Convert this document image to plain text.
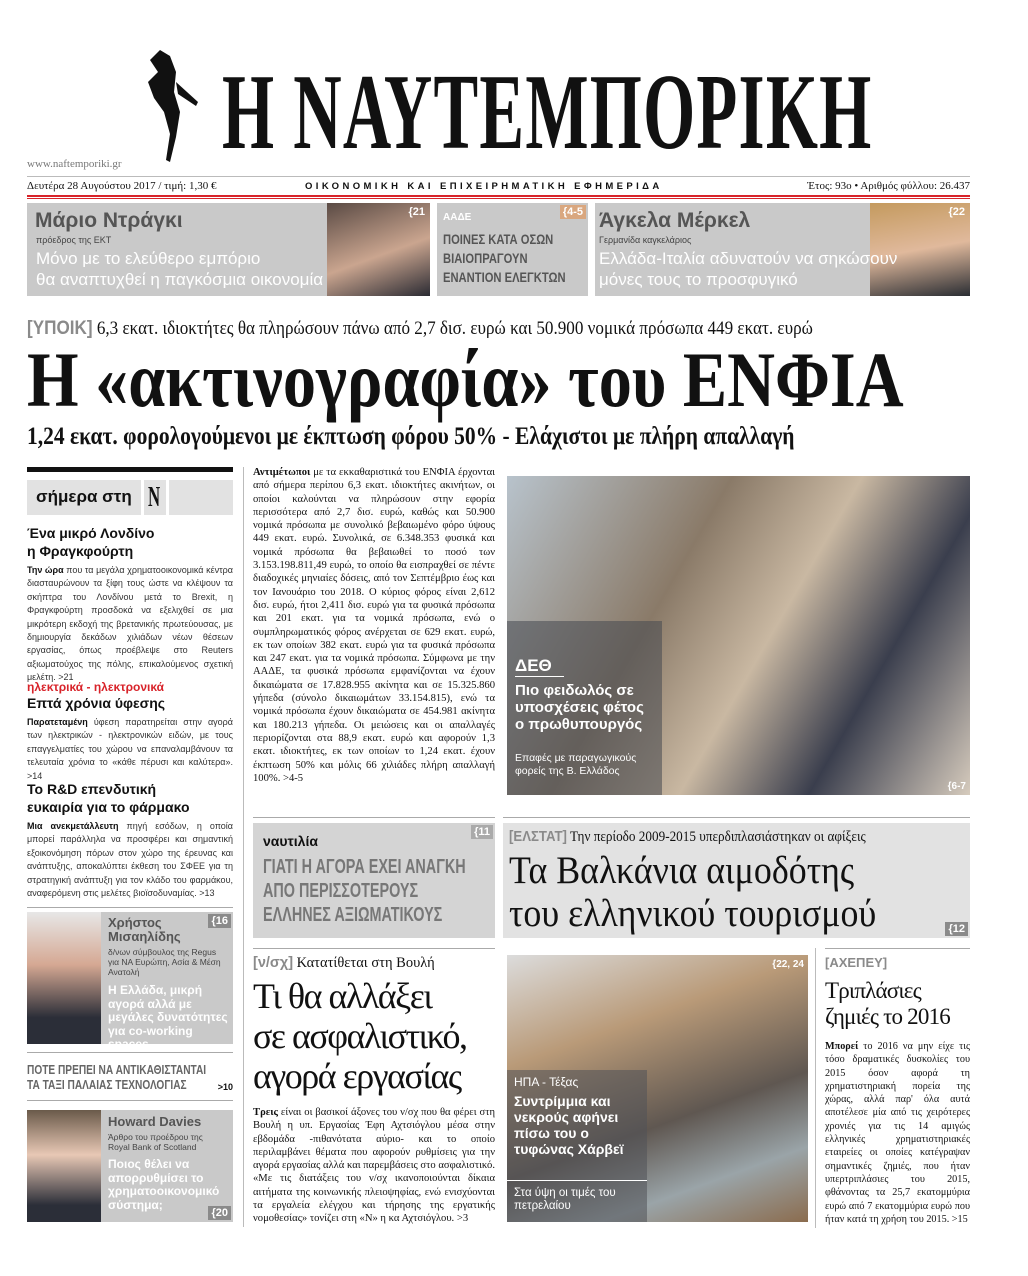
Η ΝΑΥΤΕΜΠΟΡΙΚΗ
www.naftemporiki.gr
Δευτέρα 28 Αυγούστου 2017 / τιμή: 1,30 €	ΟΙΚΟΝΟΜΙΚΗ ΚΑΙ ΕΠΙΧΕΙΡΗΜΑΤΙΚΗ ΕΦΗΜΕΡΙΔΑ	Έτος: 93ο • Αριθμός φύλλου: 26.437
{21
Μάριο Ντράγκι
πρόεδρος της ΕΚΤ
Μόνο με το ελεύθερο εμπόριο
θα αναπτυχθεί η παγκόσμια οικονομία
{4-5
ΑΑΔΕ
ΠΟΙΝΕΣ ΚΑΤΑ ΟΣΩΝ
ΒΙΑΙΟΠΡΑΓΟΥΝ
ΕΝΑΝΤΙΟΝ ΕΛΕΓΚΤΩΝ
{22
Άγκελα Μέρκελ
Γερμανίδα καγκελάριος
Ελλάδα-Ιταλία αδυνατούν να σηκώσουν
μόνες τους το προσφυγικό
[ΥΠΟΙΚ] 6,3 εκατ. ιδιοκτήτες θα πληρώσουν πάνω από 2,7 δισ. ευρώ και 50.900 νομικά πρόσωπα 449 εκατ. ευρώ
Η «ακτινογραφία» του ΕΝΦΙΑ
1,24 εκατ. φορολογούμενοι με έκπτωση φόρου 50% - Ελάχιστοι με πλήρη απαλλαγή
σήμερα στη N
Ένα μικρό Λονδίνο η Φραγκφούρτη

Την ώρα που τα μεγάλα χρηματοοικονομικά κέντρα διασταυρώνουν τα ξίφη τους ώστε να κλέψουν τα σκήπτρα του Λονδίνου μετά το Brexit, η Φραγκφούρτη προσδοκά να εξελιχθεί σε μια μικρότερη εκδοχή της βρετανικής πρωτεύουσας, με δημιουργία δεκάδων χιλιάδων νέων θέσεων εργασίας, όπως προέβλεψε στο Reuters αξιωματούχος της πόλης, επικαλούμενος σχετική μελέτη. >21

ηλεκτρικά - ηλεκτρονικά
Επτά χρόνια ύφεσης

Παρατεταμένη ύφεση παρατηρείται στην αγορά των ηλεκτρικών - ηλεκτρονικών ειδών, με τους επαγγελματίες του χώρου να επαναλαμβάνουν τα τελευταία χρόνια το «κάθε πέρυσι και καλύτερα». >14

Το R&D επενδυτική ευκαιρία για το φάρμακο

Μια ανεκμετάλλευτη πηγή εσόδων, η οποία μπορεί παράλληλα να προσφέρει και σημαντική εξοικονόμηση πόρων στον χώρο της έρευνας και ανάπτυξης, αποκαλύπτει έκθεση του ΣΦΕΕ για τη στρατηγική ανάπτυξη για τον κλάδο του φαρμάκου, αναφερόμενη στις μελέτες βιοϊσοδυναμίας. >13

{16
Χρήστος
Μισαηλίδης
δ/νων σύμβουλος της Regus για ΝΑ Ευρώπη, Ασία & Μέση Ανατολή
Η Ελλάδα, μικρή αγορά αλλά με μεγάλες δυνατότητες για co-working spaces
ΠΟΤΕ ΠΡΕΠΕΙ ΝΑ ΑΝΤΙΚΑΘΙΣΤΑΝΤΑΙ
ΤΑ ΤΑΞΙ ΠΑΛΑΙΑΣ ΤΕΧΝΟΛΟΓΙΑΣ	>10
{20
Howard Davies
Άρθρο του προέδρου της Royal Bank of Scotland
Ποιος θέλει να απορρυθμίσει το χρηματοοικονομικό σύστημα;
Αντιμέτωποι με τα εκκαθαριστικά του ΕΝΦΙΑ έρχονται από σήμερα περίπου 6,3 εκατ. ιδιοκτήτες ακινήτων, οι οποίοι καλούνται να πληρώσουν στην εφορία περισσότερα από 2,7 δισ. ευρώ, καθώς και 50.900 νομικά πρόσωπα με συνολικό βεβαιωμένο φόρο ύψους 449 εκατ. ευρώ. Συνολικά, σε 6.348.353 φυσικά και νομικά πρόσωπα θα βεβαιωθεί το ποσό των 3.153.198.811,49 ευρώ, το οποίο θα εισπραχθεί σε πέντε διαδοχικές μηνιαίες δόσεις, από τον Σεπτέμβριο έως και τον Ιανουάριο του 2018. Ο κύριος φόρος είναι 2,612 δισ. ευρώ, ήτοι 2,411 δισ. ευρώ για τα φυσικά πρόσωπα και 201 εκατ. για τα νομικά πρόσωπα, ενώ ο συμπληρωματικός φόρος ανέρχεται σε 629 εκατ. ευρώ, εκ των οποίων 382 εκατ. ευρώ για τα φυσικά πρόσωπα και 247 εκατ. για τα νομικά πρόσωπα. Σύμφωνα με την ΑΑΔΕ, τα φυσικά πρόσωπα εμφανίζονται να έχουν δικαιώματα σε 17.828.955 ακίνητα και σε 15.325.860 γήπεδα (σύνολο δικαιωμάτων 33.154.815), ενώ τα νομικά πρόσωπα έχουν δικαιώματα σε 454.981 ακίνητα και 180.213 γήπεδα. Οι μειώσεις και οι απαλλαγές περιορίζονται στα 88,9 εκατ. ευρώ και αφορούν 1,3 εκατ. ιδιοκτήτες, εκ των οποίων το 1,24 εκατ. έχουν έκπτωση 50% και μόλις 66 χιλιάδες πλήρη απαλλαγή 100%. >4-5
ΔΕΘ
Πιο φειδωλός σε υποσχέσεις φέτος ο πρωθυπουργός
Επαφές με παραγωγικούς φορείς της Β. Ελλάδος
{6-7
{11
ναυτιλία
ΓΙΑΤΙ Η ΑΓΟΡΑ ΕΧΕΙ ΑΝΑΓΚΗ
ΑΠΟ ΠΕΡΙΣΣΟΤΕΡΟΥΣ
ΕΛΛΗΝΕΣ ΑΞΙΩΜΑΤΙΚΟΥΣ
[ΕΛΣΤΑΤ] Την περίοδο 2009-2015 υπερδιπλασιάστηκαν οι αφίξεις
Τα Βαλκάνια αιμοδότης
του ελληνικού τουρισμού	{12
[ν/σχ] Κατατίθεται στη Βουλή
Τι θα αλλάξει
σε ασφαλιστικό,
αγορά εργασίας
Τρεις είναι οι βασικοί άξονες του ν/σχ που θα φέρει στη Βουλή η υπ. Εργασίας Έφη Αχτσιόγλου μέσα στην εβδομάδα -πιθανότατα αύριο- και το οποίο περιλαμβάνει θέματα που αφορούν ρυθμίσεις για την αγορά εργασίας αλλά και παρεμβάσεις στο ασφαλιστικό. «Με τις διατάξεις του ν/σχ ικανοποιούνται δίκαια αιτήματα της κοινωνικής πλειοψηφίας, ενώ ενισχύονται τα εργαλεία ελέγχου και τήρησης της εργατικής νομοθεσίας» τονίζει στη «Ν» η κα Αχτσιόγλου. >3
{22, 24
ΗΠΑ - Τέξας
Συντρίμμια και νεκρούς αφήνει πίσω του ο τυφώνας Χάρβεϊ
Στα ύψη οι τιμές του πετρελαίου
[ΑΧΕΠΕΥ]
Τριπλάσιες
ζημιές το 2016
Μπορεί το 2016 να μην είχε τις τόσο δραματικές δυσκολίες του 2015 όσον αφορά τη χρηματιστηριακή πορεία της χώρας, αλλά παρ' όλα αυτά αποτέλεσε μία από τις χειρότερες χρονιές για τις 14 αμιγώς ελληνικές χρηματιστηριακές εταιρείες οι οποίες κατέγραψαν σημαντικές ζημιές, που ήταν υπερτριπλάσιες του 2015, φθάνοντας τα 25,7 εκατομμύρια ευρώ από 7 εκατομμύρια ευρώ που ήταν κατά τη χρήση του 2015. >15
